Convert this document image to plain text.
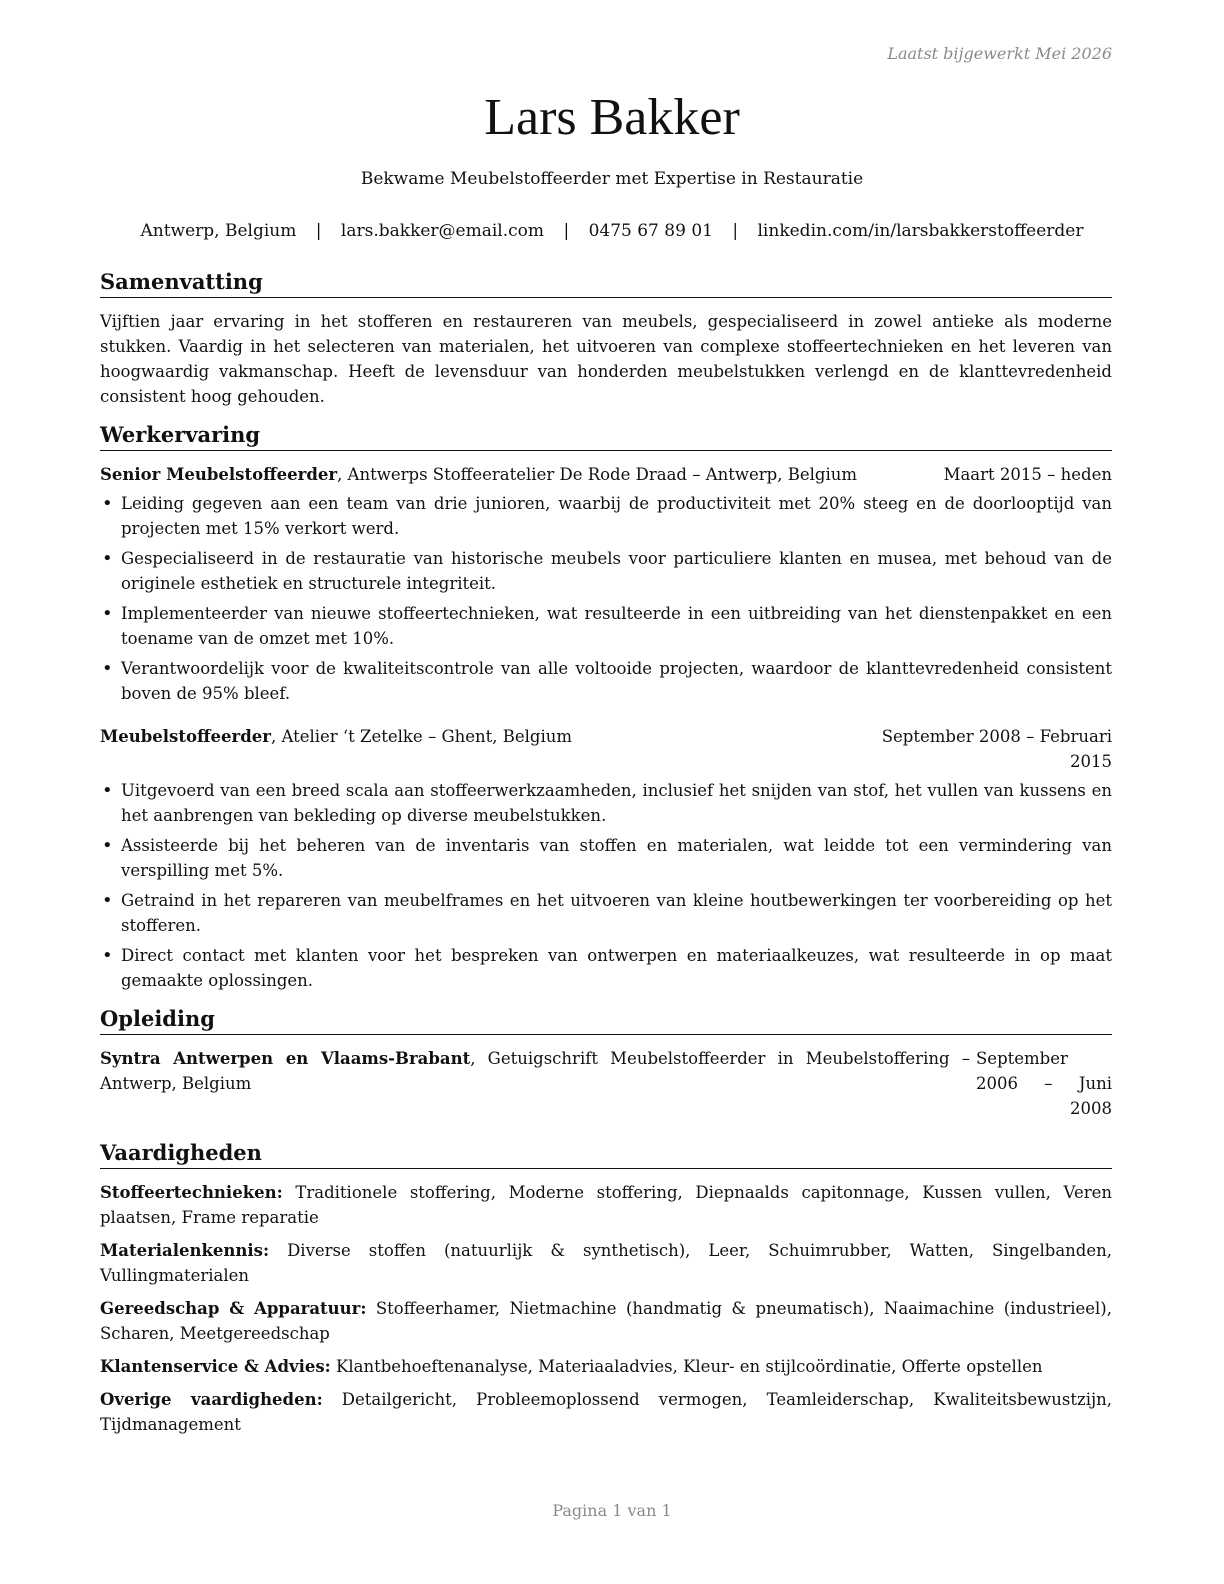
Laatst bijgewerkt Mei 2026
Lars Bakker
Bekwame Meubelstoffeerder met Expertise in Restauratie
Antwerp, Belgium | lars.bakker@email.com | 0475 67 89 01 | linkedin.com/in/larsbakkerstoffeerder
Samenvatting

Vijftien jaar ervaring in het stofferen en restaureren van meubels, gespecialiseerd in zowel antieke als moderne stukken. Vaardig in het selecteren van materialen, het uitvoeren van complexe stoffeertechnieken en het leveren van hoogwaardig vakmanschap. Heeft de levensduur van honderden meubelstukken verlengd en de klanttevredenheid consistent hoog gehouden.

Werkervaring
Senior Meubelstoffeerder, Antwerps Stoffeeratelier De Rode Draad – Antwerp, Belgium	Maart 2015 – heden
• Leiding gegeven aan een team van drie junioren, waarbij de productiviteit met 20% steeg en de doorlooptijd van projecten met 15% verkort werd.
• Gespecialiseerd in de restauratie van historische meubels voor particuliere klanten en musea, met behoud van de originele esthetiek en structurele integriteit.
• Implementeerder van nieuwe stoffeertechnieken, wat resulteerde in een uitbreiding van het dienstenpakket en een toename van de omzet met 10%.
• Verantwoordelijk voor de kwaliteitscontrole van alle voltooide projecten, waardoor de klanttevredenheid consistent boven de 95% bleef.
Meubelstoffeerder, Atelier ‘t Zetelke – Ghent, Belgium	September 2008 – Februari 2015
• Uitgevoerd van een breed scala aan stoffeerwerkzaamheden, inclusief het snijden van stof, het vullen van kussens en het aanbrengen van bekleding op diverse meubelstukken.
• Assisteerde bij het beheren van de inventaris van stoffen en materialen, wat leidde tot een vermindering van verspilling met 5%.
• Getraind in het repareren van meubelframes en het uitvoeren van kleine houtbewerkingen ter voorbereiding op het stofferen.
• Direct contact met klanten voor het bespreken van ontwerpen en materiaalkeuzes, wat resulteerde in op maat gemaakte oplossingen.
Opleiding
Syntra Antwerpen en Vlaams-Brabant, Getuigschrift Meubelstoffeerder in Meubelstoffering – Antwerp, Belgium
September 2006 – Juni 2008
Vaardigheden
Stoffeertechnieken: Traditionele stoffering, Moderne stoffering, Diepnaalds capitonnage, Kussen vullen, Veren plaatsen, Frame reparatie
Materialenkennis: Diverse stoffen (natuurlijk & synthetisch), Leer, Schuimrubber, Watten, Singelbanden, Vullingmaterialen
Gereedschap & Apparatuur: Stoffeerhamer, Nietmachine (handmatig & pneumatisch), Naaimachine (industrieel), Scharen, Meetgereedschap
Klantenservice & Advies: Klantbehoeftenanalyse, Materiaaladvies, Kleur- en stijlcoördinatie, Offerte opstellen
Overige vaardigheden: Detailgericht, Probleemoplossend vermogen, Teamleiderschap, Kwaliteitsbewustzijn, Tijdmanagement
Pagina 1 van 1
